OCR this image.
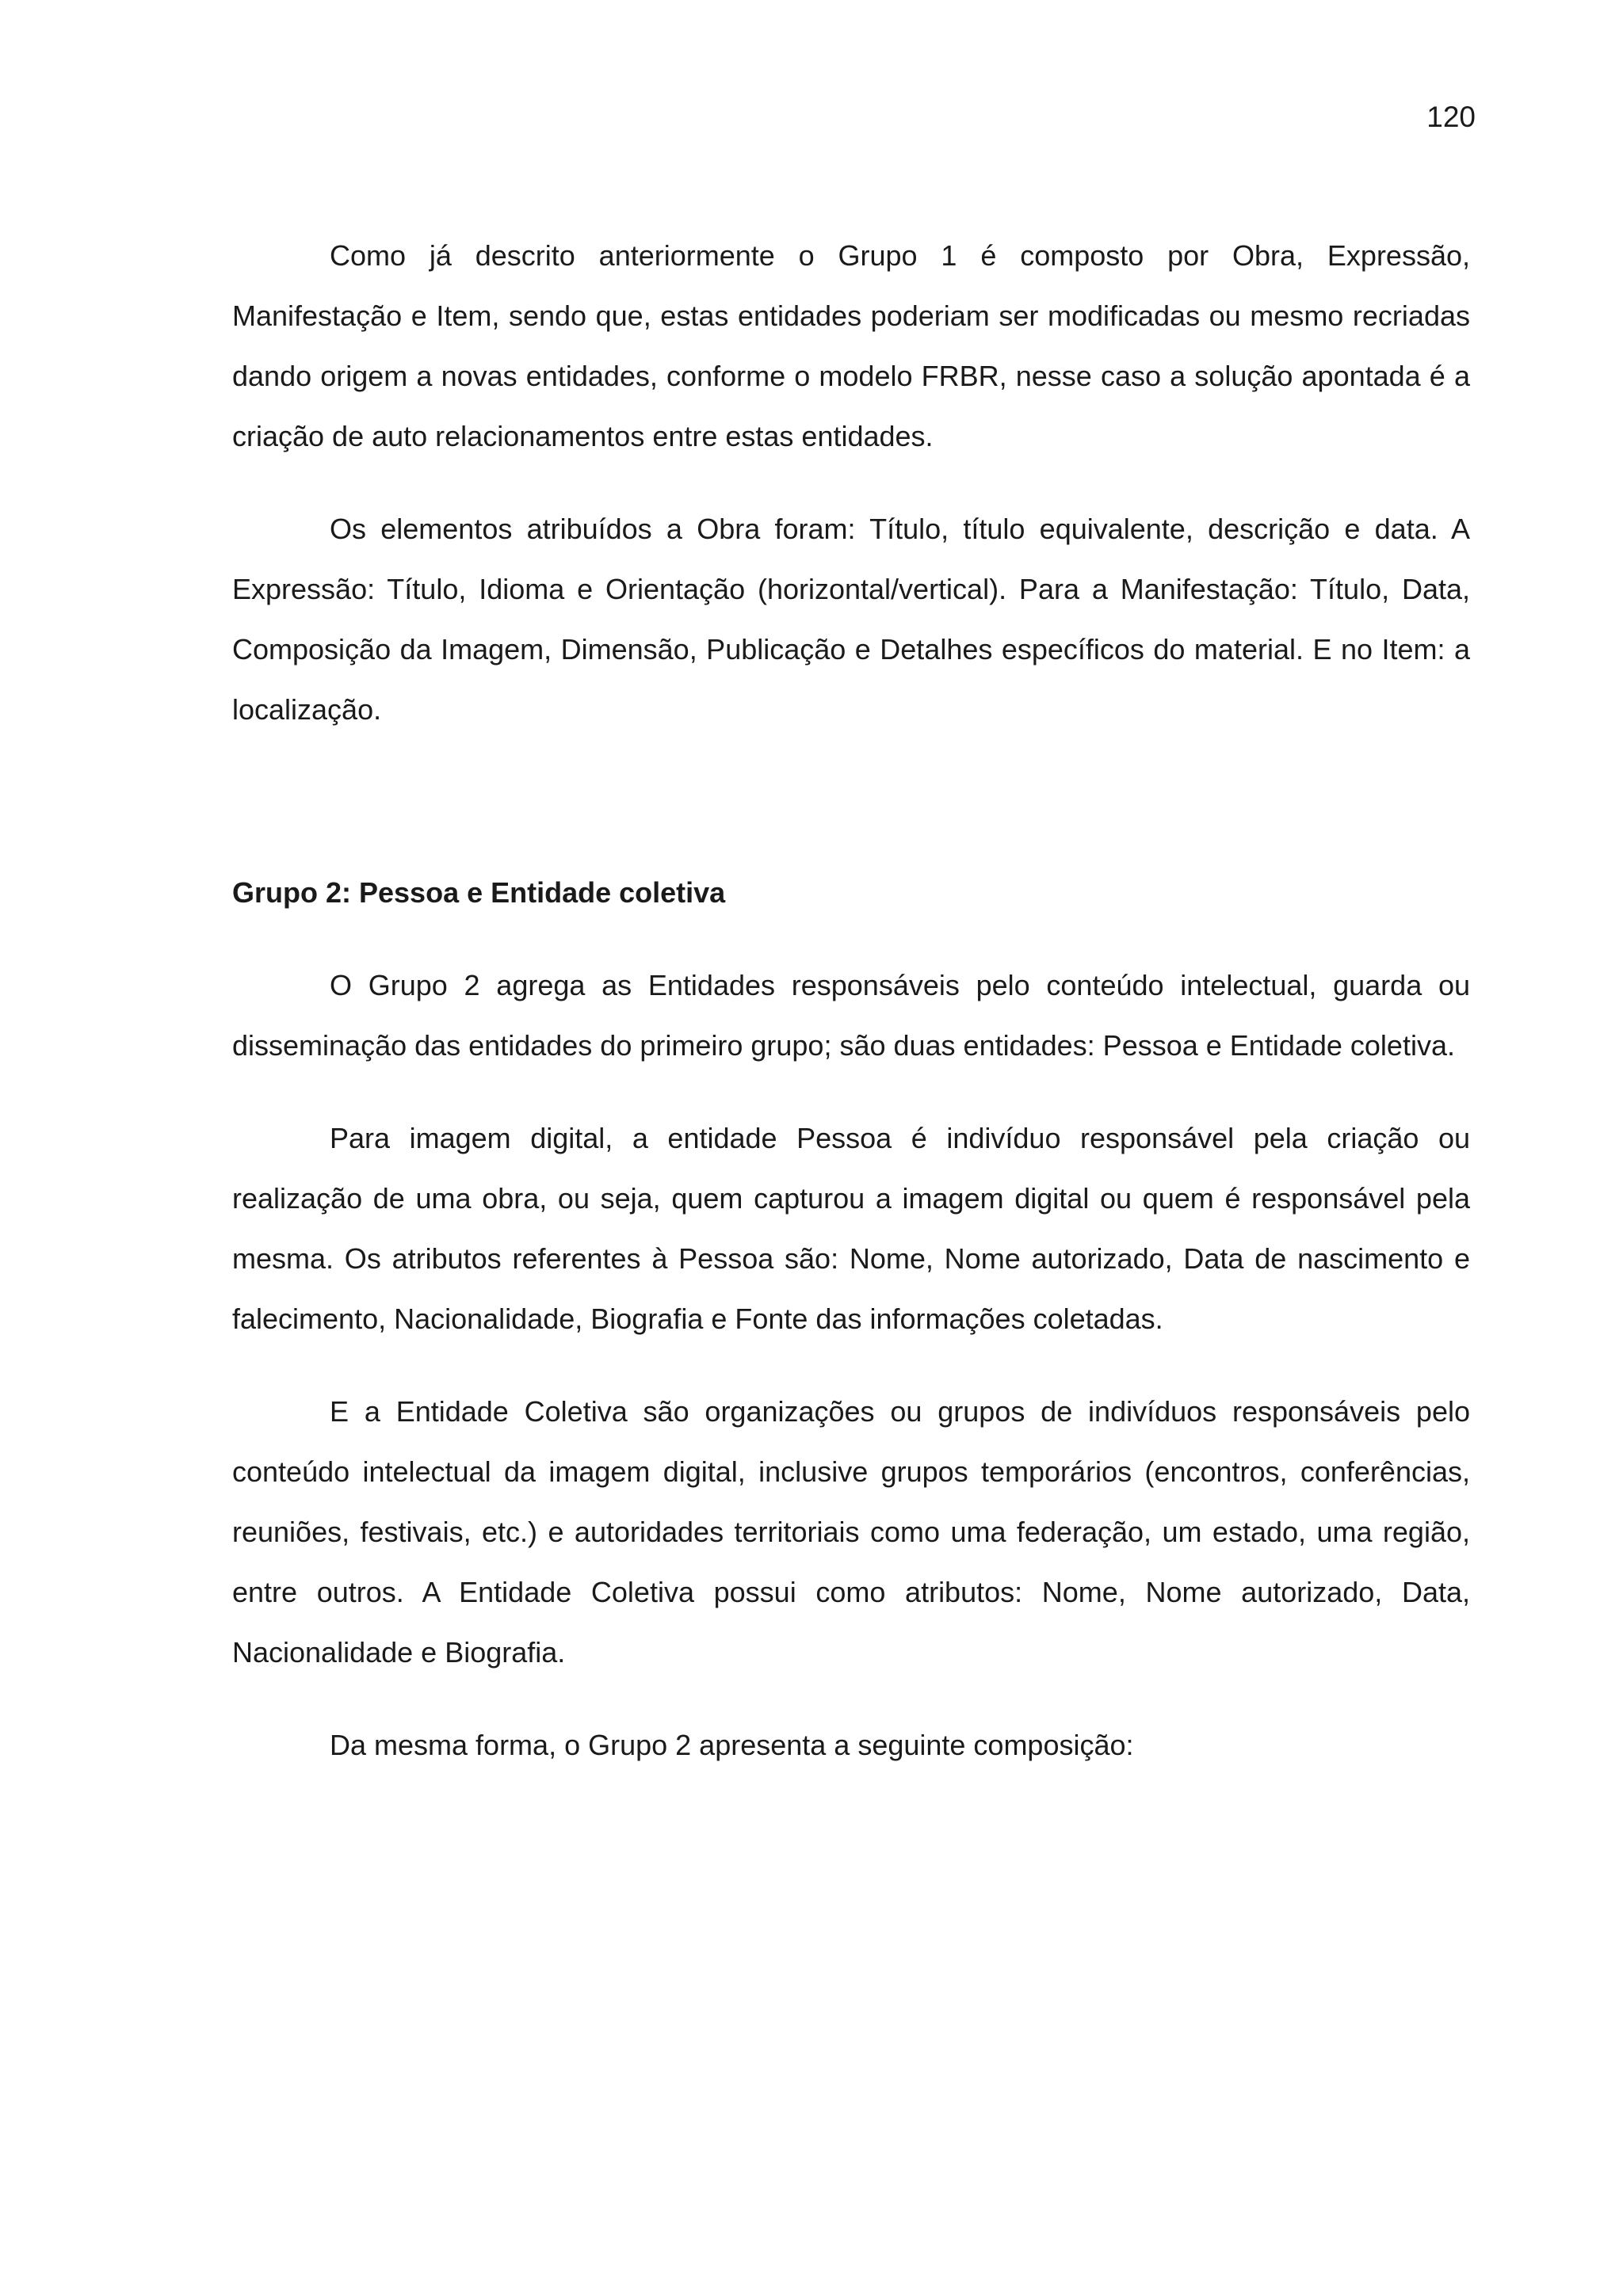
120

Como já descrito anteriormente o Grupo 1 é composto por Obra, Expressão, Manifestação e Item, sendo que, estas entidades poderiam ser modificadas ou mesmo recriadas dando origem a novas entidades, conforme o modelo FRBR, nesse caso a solução apontada é a criação de auto relacionamentos entre estas entidades.

Os elementos atribuídos a Obra foram: Título, título equivalente, descrição e data. A Expressão: Título, Idioma e Orientação (horizontal/vertical). Para a Manifestação: Título, Data, Composição da Imagem, Dimensão, Publicação e Detalhes específicos do material. E no Item: a localização.

Grupo 2: Pessoa e Entidade coletiva

O Grupo 2 agrega as Entidades responsáveis pelo conteúdo intelectual, guarda ou disseminação das entidades do primeiro grupo; são duas entidades: Pessoa e Entidade coletiva.

Para imagem digital, a entidade Pessoa é indivíduo responsável pela criação ou realização de uma obra, ou seja, quem capturou a imagem digital ou quem é responsável pela mesma. Os atributos referentes à Pessoa são: Nome, Nome autorizado, Data de nascimento e falecimento, Nacionalidade, Biografia e Fonte das informações coletadas.

E a Entidade Coletiva são organizações ou grupos de indivíduos responsáveis pelo conteúdo intelectual da imagem digital, inclusive grupos temporários (encontros, conferências, reuniões, festivais, etc.) e autoridades territoriais como uma federação, um estado, uma região, entre outros. A Entidade Coletiva possui como atributos: Nome, Nome autorizado, Data, Nacionalidade e Biografia.

Da mesma forma, o Grupo 2 apresenta a seguinte composição:
